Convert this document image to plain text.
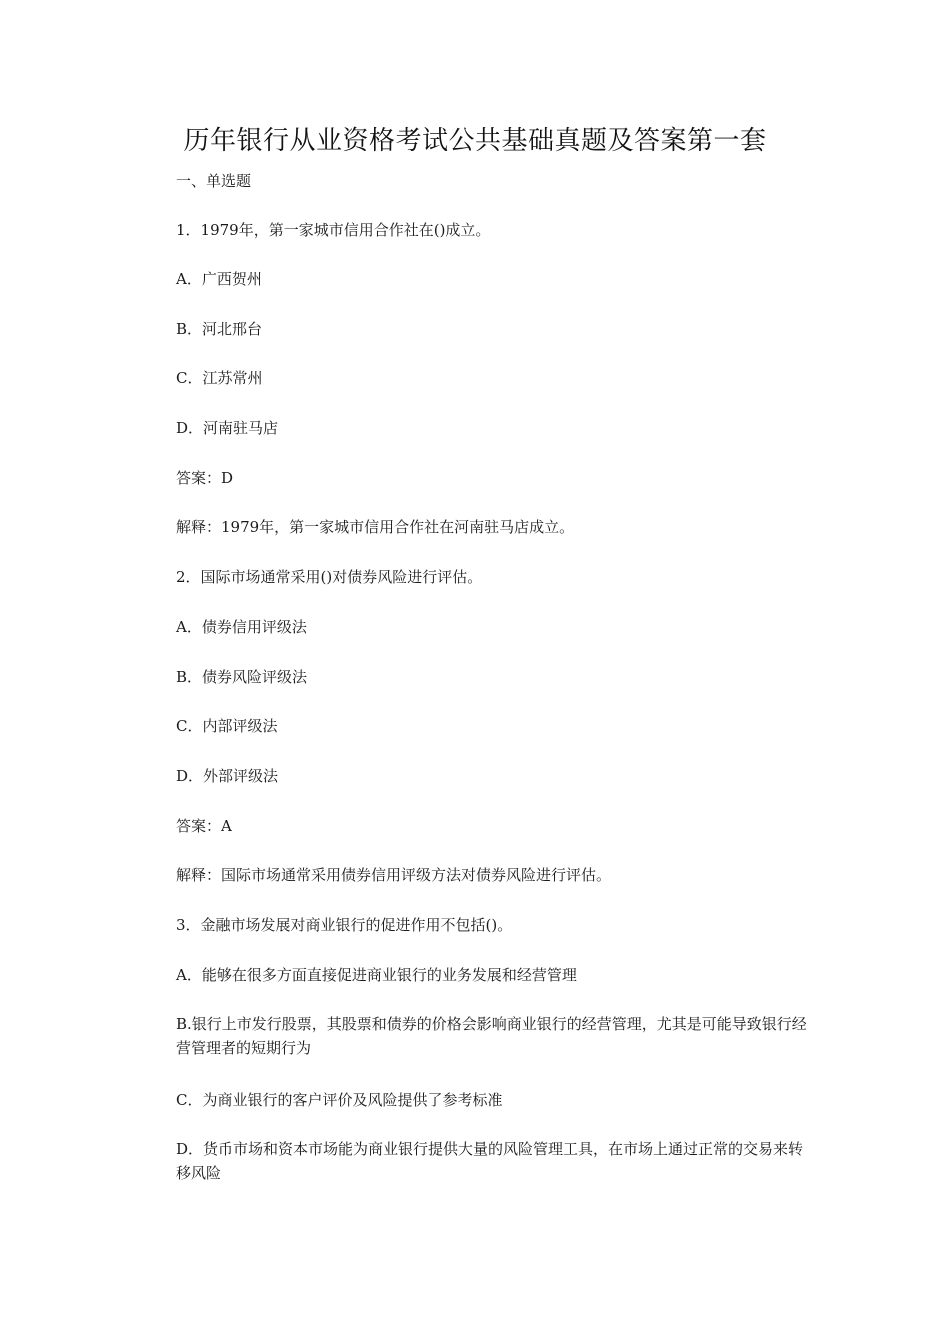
历年银行从业资格考试公共基础真题及答案第一套
一、单选题
1．1979年，第一家城市信用合作社在()成立。
A．广西贺州
B．河北邢台
C．江苏常州
D．河南驻马店
答案：D
解释：1979年，第一家城市信用合作社在河南驻马店成立。
2．国际市场通常采用()对债券风险进行评估。
A．债券信用评级法
B．债券风险评级法
C．内部评级法
D．外部评级法
答案：A
解释：国际市场通常采用债券信用评级方法对债券风险进行评估。
3．金融市场发展对商业银行的促进作用不包括()。
A．能够在很多方面直接促进商业银行的业务发展和经营管理
B.银行上市发行股票，其股票和债券的价格会影响商业银行的经营管理，尤其是可能导致银行经营管理者的短期行为
C．为商业银行的客户评价及风险提供了参考标准
D．货币市场和资本市场能为商业银行提供大量的风险管理工具，在市场上通过正常的交易来转移风险
